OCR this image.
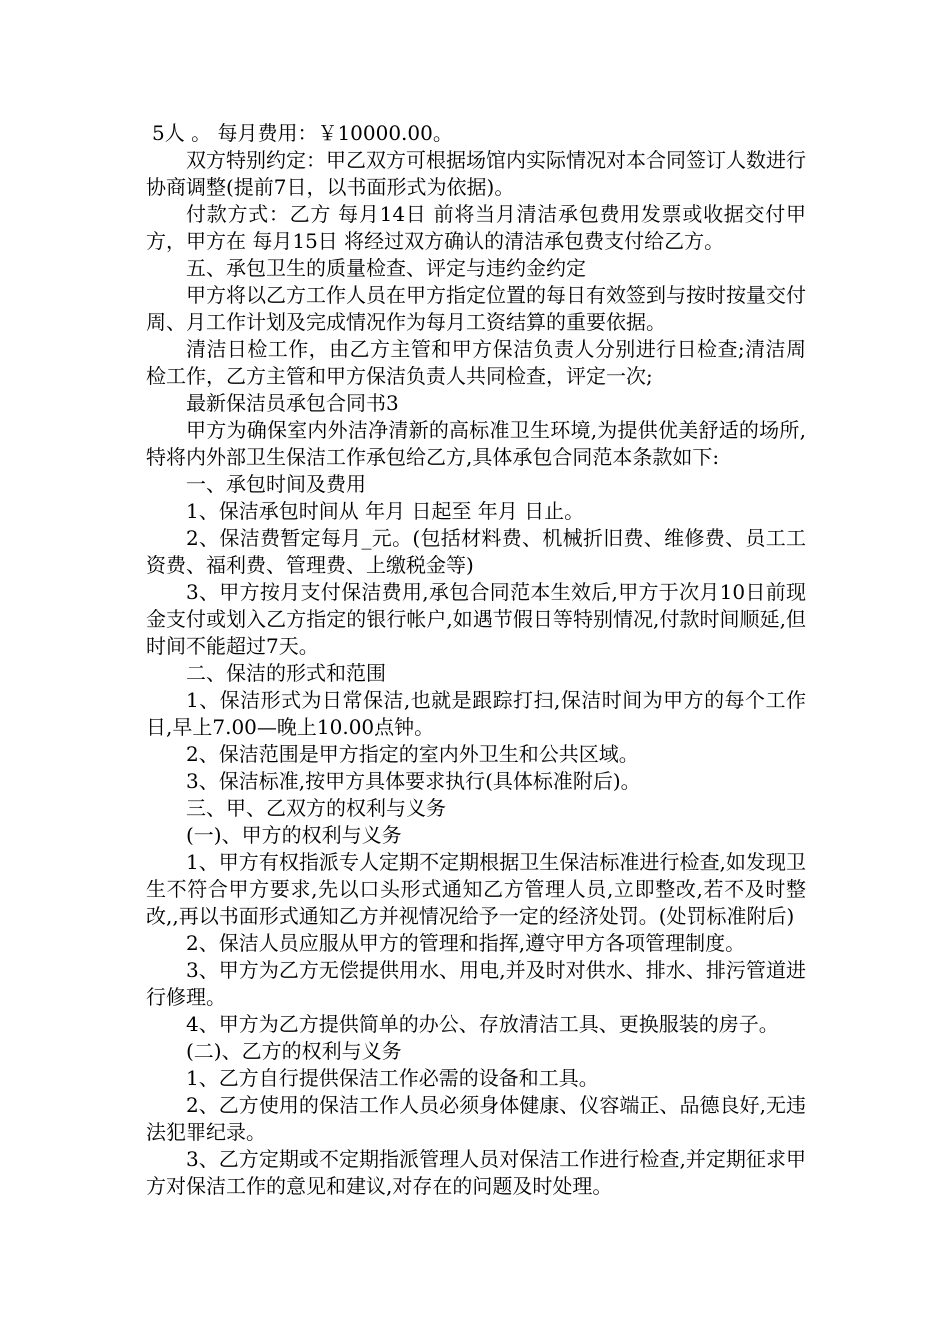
5人 。 每月费用：￥10000.00。

双方特别约定：甲乙双方可根据场馆内实际情况对本合同签订人数进行协商调整(提前7日，以书面形式为依据)。

付款方式：乙方 每月14日 前将当月清洁承包费用发票或收据交付甲方，甲方在 每月15日 将经过双方确认的清洁承包费支付给乙方。

五、承包卫生的质量检查、评定与违约金约定

甲方将以乙方工作人员在甲方指定位置的每日有效签到与按时按量交付周、月工作计划及完成情况作为每月工资结算的重要依据。

清洁日检工作，由乙方主管和甲方保洁负责人分别进行日检查;清洁周检工作，乙方主管和甲方保洁负责人共同检查，评定一次;

最新保洁员承包合同书3

甲方为确保室内外洁净清新的高标准卫生环境,为提供优美舒适的场所,特将内外部卫生保洁工作承包给乙方,具体承包合同范本条款如下:

一、承包时间及费用

1、保洁承包时间从 年月 日起至 年月 日止。

2、保洁费暂定每月_元。(包括材料费、机械折旧费、维修费、员工工资费、福利费、管理费、上缴税金等)

3、甲方按月支付保洁费用,承包合同范本生效后,甲方于次月10日前现金支付或划入乙方指定的银行帐户,如遇节假日等特别情况,付款时间顺延,但时间不能超过7天。

二、保洁的形式和范围

1、保洁形式为日常保洁,也就是跟踪打扫,保洁时间为甲方的每个工作日,早上7.00—晚上10.00点钟。

2、保洁范围是甲方指定的室内外卫生和公共区域。

3、保洁标准,按甲方具体要求执行(具体标准附后)。

三、甲、乙双方的权利与义务

(一)、甲方的权利与义务

1、甲方有权指派专人定期不定期根据卫生保洁标准进行检查,如发现卫生不符合甲方要求,先以口头形式通知乙方管理人员,立即整改,若不及时整改,,再以书面形式通知乙方并视情况给予一定的经济处罚。(处罚标准附后)

2、保洁人员应服从甲方的管理和指挥,遵守甲方各项管理制度。

3、甲方为乙方无偿提供用水、用电,并及时对供水、排水、排污管道进行修理。

4、甲方为乙方提供简单的办公、存放清洁工具、更换服装的房子。

(二)、乙方的权利与义务

1、乙方自行提供保洁工作必需的设备和工具。

2、乙方使用的保洁工作人员必须身体健康、仪容端正、品德良好,无违法犯罪纪录。

3、乙方定期或不定期指派管理人员对保洁工作进行检查,并定期征求甲方对保洁工作的意见和建议,对存在的问题及时处理。
